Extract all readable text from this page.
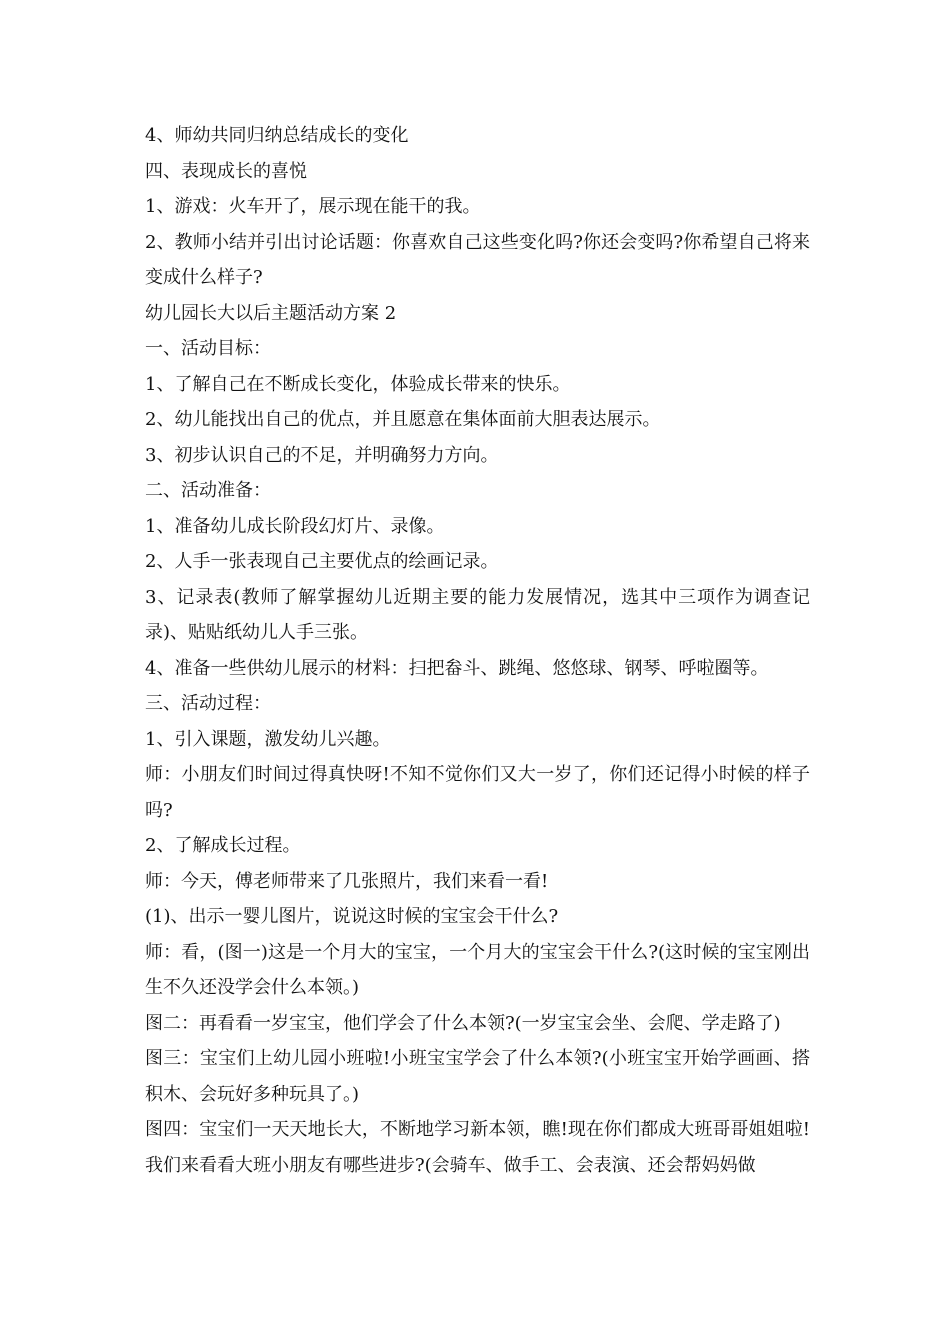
4、师幼共同归纳总结成长的变化

四、表现成长的喜悦

1、游戏：火车开了，展示现在能干的我。

2、教师小结并引出讨论话题：你喜欢自己这些变化吗?你还会变吗?你希望自己将来变成什么样子?

幼儿园长大以后主题活动方案 2

一、活动目标：

1、了解自己在不断成长变化，体验成长带来的快乐。

2、幼儿能找出自己的优点，并且愿意在集体面前大胆表达展示。

3、初步认识自己的不足，并明确努力方向。

二、活动准备：

1、准备幼儿成长阶段幻灯片、录像。

2、人手一张表现自己主要优点的绘画记录。

3、记录表(教师了解掌握幼儿近期主要的能力发展情况，选其中三项作为调查记录)、贴贴纸幼儿人手三张。

4、准备一些供幼儿展示的材料：扫把畚斗、跳绳、悠悠球、钢琴、呼啦圈等。

三、活动过程：

1、引入课题，激发幼儿兴趣。

师：小朋友们时间过得真快呀!不知不觉你们又大一岁了，你们还记得小时候的样子吗?

2、了解成长过程。

师：今天，傅老师带来了几张照片，我们来看一看!

(1)、出示一婴儿图片，说说这时候的宝宝会干什么?

师：看，(图一)这是一个月大的宝宝，一个月大的宝宝会干什么?(这时候的宝宝刚出生不久还没学会什么本领。)

图二：再看看一岁宝宝，他们学会了什么本领?(一岁宝宝会坐、会爬、学走路了)

图三：宝宝们上幼儿园小班啦!小班宝宝学会了什么本领?(小班宝宝开始学画画、搭积木、会玩好多种玩具了。)

图四：宝宝们一天天地长大，不断地学习新本领，瞧!现在你们都成大班哥哥姐姐啦!我们来看看大班小朋友有哪些进步?(会骑车、做手工、会表演、还会帮妈妈做
